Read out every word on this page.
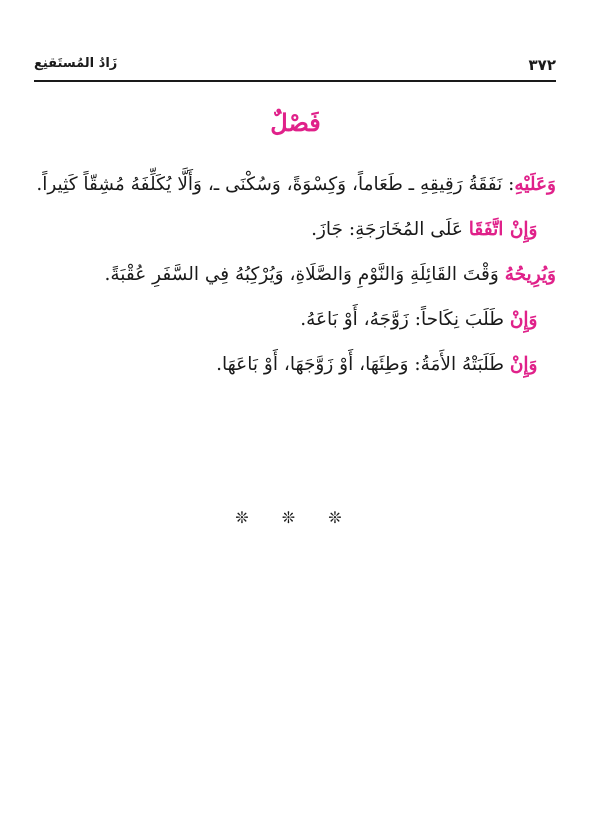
٣٧٢
زَادُ المُستَقنِع
فَصْلٌ

وَعَلَيْهِ: نَفَقَةُ رَقِيقِهِ ـ طَعَاماً، وَكِسْوَةً، وَسُكْنَى ـ، وَأَلَّا يُكَلِّفَهُ مُشِقّاً كَثِيراً.

 وَإِنْ اتَّفَقَا عَلَى المُخَارَجَةِ: جَازَ.

وَيُرِيحُهُ وَقْتَ القَائِلَةِ وَالنَّوْمِ وَالصَّلَاةِ، وَيُرْكِبُهُ فِي السَّفَرِ عُقْبَةً.

 وَإِنْ طَلَبَ نِكَاحاً: زَوَّجَهُ، أَوْ بَاعَهُ.

 وَإِنْ طَلَبَتْهُ الأَمَةُ: وَطِئَهَا، أَوْ زَوَّجَهَا، أَوْ بَاعَهَا.

❊ ❊ ❊
